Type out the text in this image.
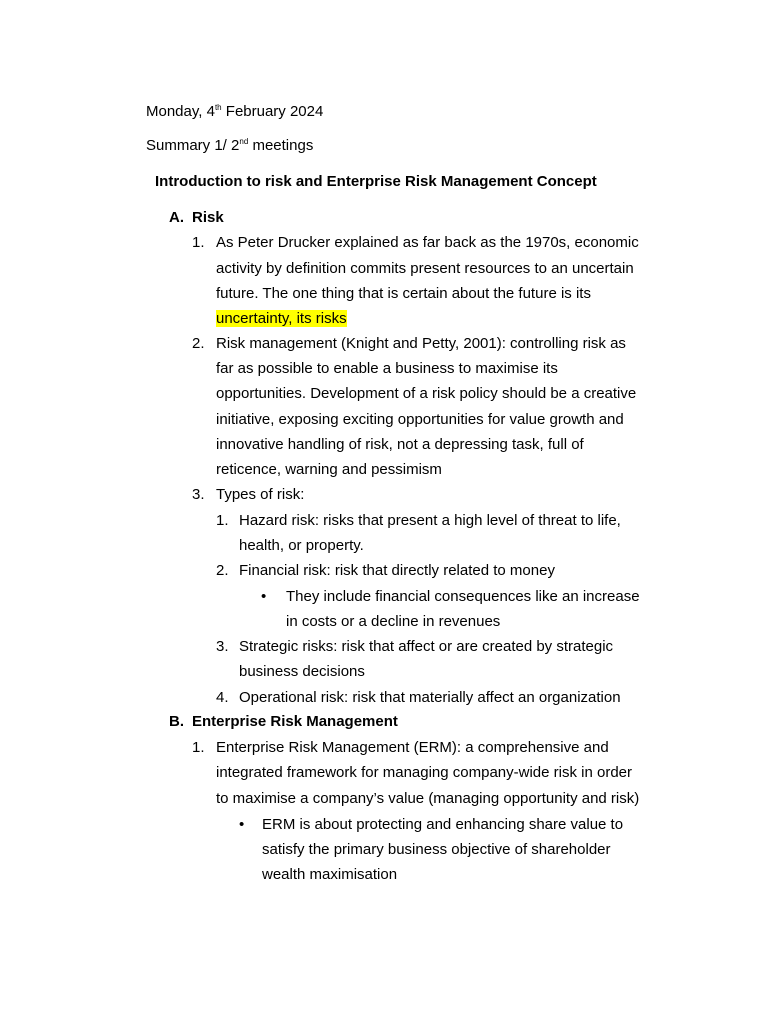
Monday, 4th February 2024
Summary 1/ 2nd meetings
Introduction to risk and Enterprise Risk Management Concept
A. Risk
1. As Peter Drucker explained as far back as the 1970s, economic
activity by definition commits present resources to an uncertain
future. The one thing that is certain about the future is its
uncertainty, its risks
2. Risk management (Knight and Petty, 2001): controlling risk as
far as possible to enable a business to maximise its
opportunities. Development of a risk policy should be a creative
initiative, exposing exciting opportunities for value growth and
innovative handling of risk, not a depressing task, full of
reticence, warning and pessimism
3. Types of risk:
1. Hazard risk: risks that present a high level of threat to life,
health, or property.
2. Financial risk: risk that directly related to money
• They include financial consequences like an increase
in costs or a decline in revenues
3. Strategic risks: risk that affect or are created by strategic
business decisions
4. Operational risk: risk that materially affect an organization
B. Enterprise Risk Management
1. Enterprise Risk Management (ERM): a comprehensive and
integrated framework for managing company-wide risk in order
to maximise a company’s value (managing opportunity and risk)
• ERM is about protecting and enhancing share value to
satisfy the primary business objective of shareholder
wealth maximisation
